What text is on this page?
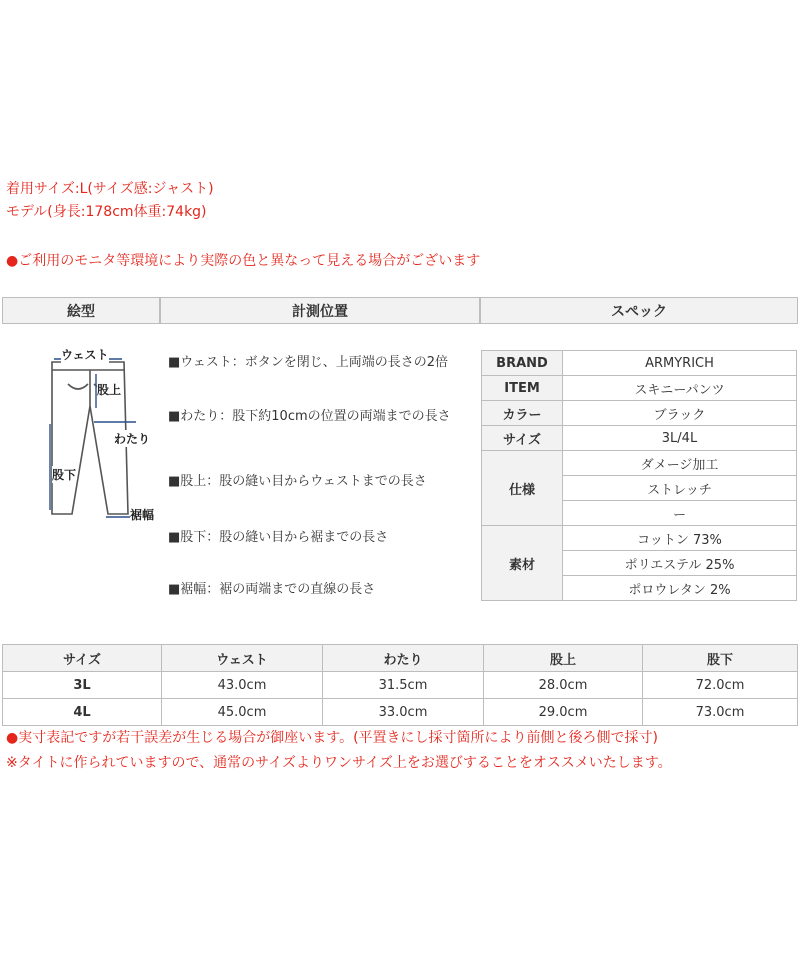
着用サイズ:L(サイズ感:ジャスト)
モデル(身長:178cm体重:74kg)
●ご利用のモニタ等環境により実際の色と異なって見える場合がございます
絵型	計測位置	スペック
ウェスト
股上
わたり
股下
裾幅
■ウェスト：ボタンを閉じ、上両端の長さの2倍
■わたり：股下約10cmの位置の両端までの長さ
■股上：股の縫い目からウェストまでの長さ
■股下：股の縫い目から裾までの長さ
■裾幅：裾の両端までの直線の長さ
BRAND	ARMYRICH
ITEM	スキニーパンツ
カラー	ブラック
サイズ	3L/4L
仕様	ダメージ加工
	ストレッチ
	ー
素材	コットン 73%
	ポリエステル 25%
	ポロウレタン 2%
サイズ	ウェスト	わたり	股上	股下
3L	43.0cm	31.5cm	28.0cm	72.0cm
4L	45.0cm	33.0cm	29.0cm	73.0cm
●実寸表記ですが若干誤差が生じる場合が御座います。(平置きにし採寸箇所により前側と後ろ側で採寸)
※タイトに作られていますので、通常のサイズよりワンサイズ上をお選びすることをオススメいたします。
